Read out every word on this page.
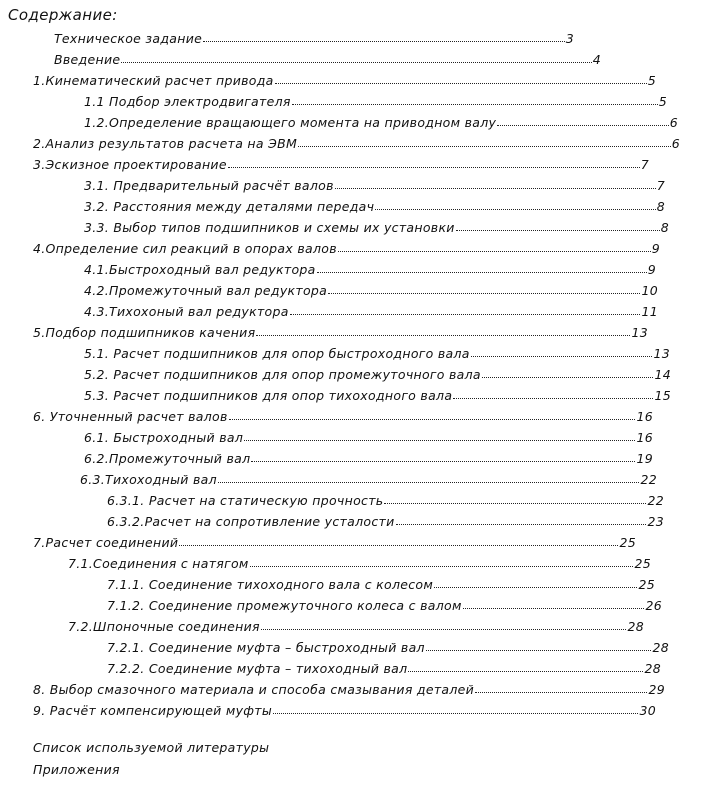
Содержание:
Техническое задание	3
Введение	4
1.Кинематический расчет привода	5
1.1 Подбор электродвигателя	5
1.2.Определение вращающего момента на приводном валу	6
2.Анализ результатов расчета на ЭВМ	6
3.Эскизное проектирование	7
3.1. Предварительный расчёт валов	7
3.2. Расстояния между деталями передач	8
3.3. Выбор типов подшипников и схемы их установки	8
4.Определение сил реакций в опорах валов	9
4.1.Быстроходный вал редуктора	9
4.2.Промежуточный вал редуктора	10
4.3.Тихохоный вал редуктора	11
5.Подбор подшипников качения	13
5.1. Расчет подшипников для опор быстроходного вала	13
5.2. Расчет подшипников для опор промежуточного вала	14
5.3. Расчет подшипников для опор тихоходного вала	15
6. Уточненный расчет валов	16
6.1. Быстроходный вал	16
6.2.Промежуточный вал	19
6.3.Тихоходный вал	22
6.3.1. Расчет на статическую прочность	22
6.3.2.Расчет на сопротивление усталости	23
7.Расчет соединений	25
7.1.Соединения с натягом	25
7.1.1. Соединение тихоходного вала с колесом	25
7.1.2. Соединение промежуточного колеса с валом	26
7.2.Шпоночные соединения	28
7.2.1. Соединение муфта – быстроходный вал	28
7.2.2. Соединение муфта – тихоходный вал	28
8. Выбор смазочного материала и способа смазывания деталей	29
9. Расчёт компенсирующей муфты	30
Список используемой литературы
Приложения
